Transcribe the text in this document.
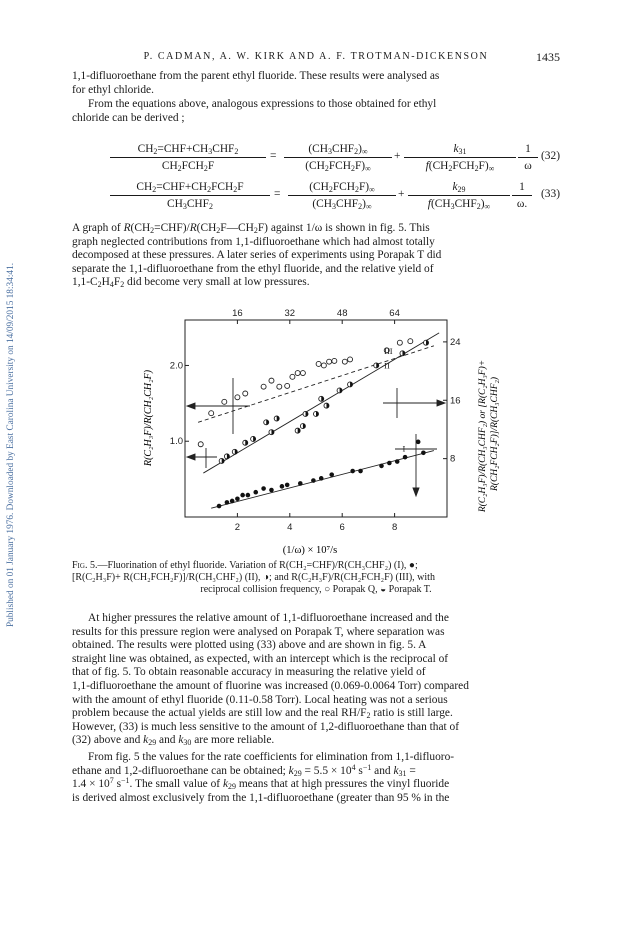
Published on 01 January 1976. Downloaded by East Carolina University on 14/09/2015 18:34:41.
P. CADMAN, A. W. KIRK AND A. F. TROTMAN-DICKENSON	1435

1,1-difluoroethane from the parent ethyl fluoride. These results were analysed as
for ethyl chloride.

From the equations above, analogous expressions to those obtained for ethyl
chloride can be derived ;

$CH_2=CHF+CH_3CHF_2$
$CH_2FCH_2F$
=
$(CH_3CHF_2)_\infty$
$(CH_2FCH_2F)_\infty$
+
$k_{31}$
$f(CH_2FCH_2F)_\infty$	$\frac{1}{\omega} (32)$
$CH_2=CHF+CH_2FCH_2F$
$CH_3CHF_2$
=
$(CH_2FCH_2F)_\infty$
$(CH_3CHF_2)_\infty$
+
$k_{29}$
$f(CH_3CHF_2)_\infty$	$\frac{1}{\omega.} (33)$

A graph of $R(CH_2=CHF)/R(CH_2F—CH_2F)$ against 1/ω is shown in fig. 5. This
graph neglected contributions from 1,1-difluoroethane which had almost totally
decomposed at these pressures. A later series of experiments using Porapak T did
separate the 1,1-difluoroethane from the ethyl fluoride, and the relative yield of
$1,1-C_2H_4F_2$ did become very small at low pressures.

(1/ω) × 10⁷/s
R(C₂H₃F)/R(CH₂CH₂F)	R(C₂H₃F)/R(CH₃CHF₂) or [R(C₂H₃F)+ R(CH₂FCH₂F)]/R(CH₃CHF₂)
2	4	6	8
16	32	48	64
1.0
2.0
8
16
24
I
II
III
Fig. 5.—Fluorination of ethyl fluoride. Variation of R(CH₂=CHF)/R(CH₃CHF₂) (I), ●;
[R(C₂H₃F)+ R(CH₂FCH₂F)]/R(CH₃CHF₂) (II), ◑; and R(C₂H₃F)/R(CH₂FCH₂F) (III), with

reciprocal collision frequency, ○ Porapak Q, ◒ Porapak T.

At higher pressures the relative amount of 1,1-difluoroethane increased and the
results for this pressure region were analysed on Porapak T, where separation was
obtained. The results were plotted using (33) above and are shown in fig. 5. A
straight line was obtained, as expected, with an intercept which is the reciprocal of
that of fig. 5. To obtain reasonable accuracy in measuring the relative yield of
1,1-difluoroethane the amount of fluorine was increased (0.069-0.0064 Torr) compared
with the amount of ethyl fluoride (0.11-0.58 Torr). Local heating was not a serious
problem because the actual yields are still low and the real $RH/F_2$ ratio is still large.
However, (33) is much less sensitive to the amount of 1,2-difluoroethane than that of
(32) above and $k_{29}$ and $k_{30}$ are more reliable.

From fig. 5 the values for the rate coefficients for elimination from 1,1-difluoro-
ethane and 1,2-difluoroethane can be obtained; $k_{29} = 5.5 \times 10^4$ $s^{-1}$ and $k_{31}$ =
$1.4 \times 10^7$ $s^{-1}$. The small value of $k_{29}$ means that at high pressures the vinyl fluoride
is derived almost exclusively from the 1,1-difluoroethane (greater than 95 % in the
